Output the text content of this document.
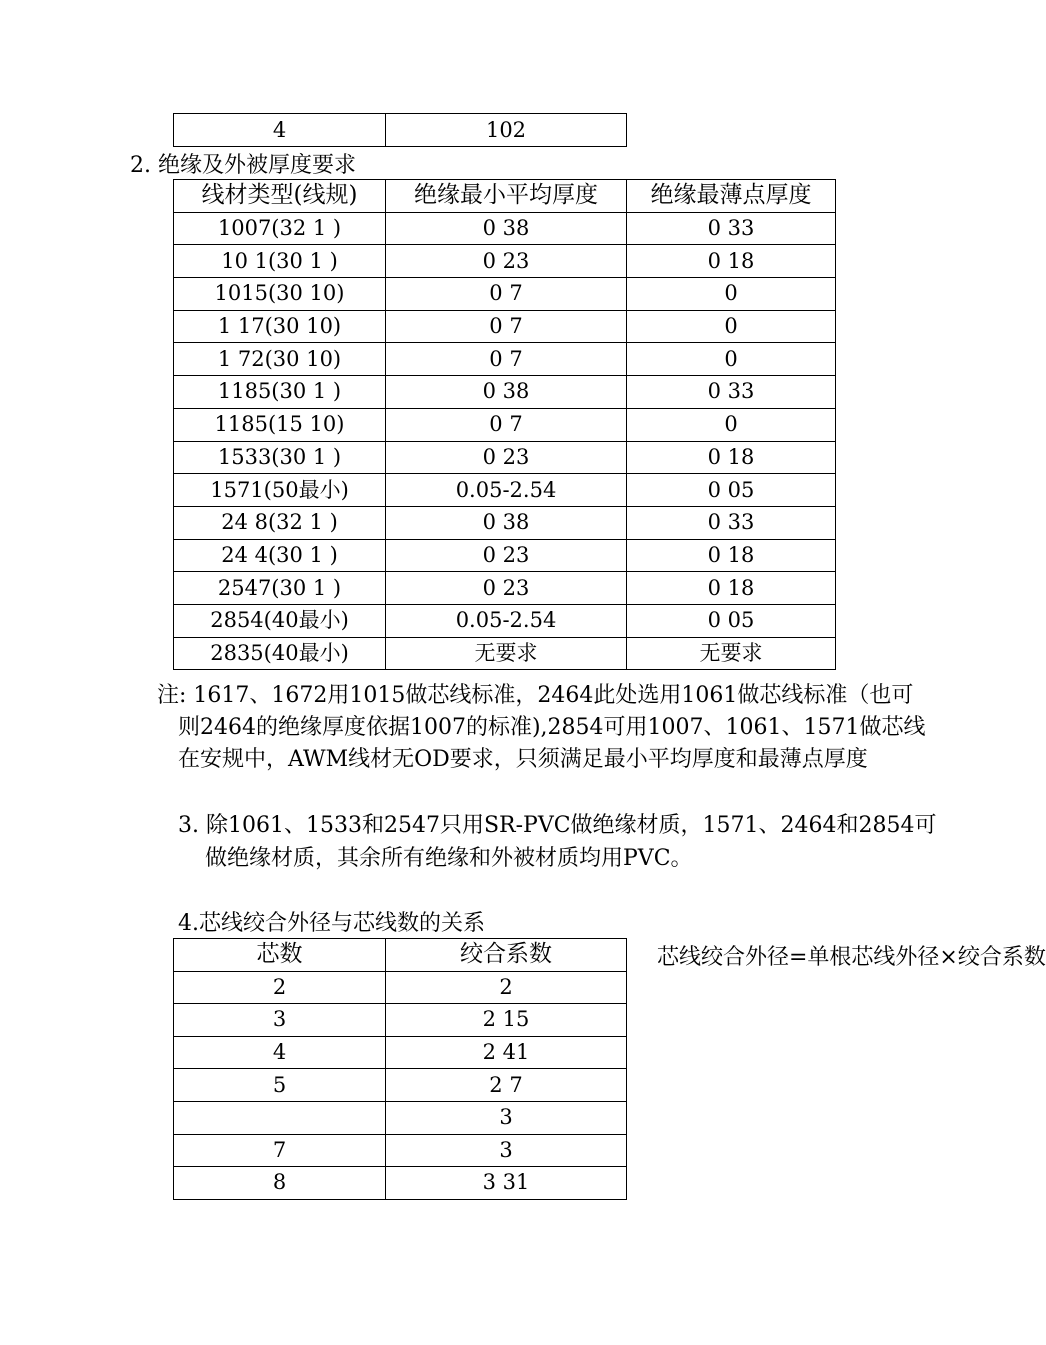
4	102
2. 绝缘及外被厚度要求
线材类型(线规)	绝缘最小平均厚度	绝缘最薄点厚度
1007(32 1 )	0 38	0 33
10 1(30 1 )	0 23	0 18
1015(30 10)	0 7	0
1 17(30 10)	0 7	0
1 72(30 10)	0 7	0
1185(30 1 )	0 38	0 33
1185(15 10)	0 7	0
1533(30 1 )	0 23	0 18
1571(50最小)	0.05-2.54	0 05
24 8(32 1 )	0 38	0 33
24 4(30 1 )	0 23	0 18
2547(30 1 )	0 23	0 18
2854(40最小)	0.05-2.54	0 05
2835(40最小)	无要求	无要求
注: 1617、1672用1015做芯线标准，2464此处选用1061做芯线标准（也可
则2464的绝缘厚度依据1007的标准),2854可用1007、1061、1571做芯线
在安规中，AWM线材无OD要求，只须满足最小平均厚度和最薄点厚度
3. 除1061、1533和2547只用SR-PVC做绝缘材质，1571、2464和2854可
做绝缘材质，其余所有绝缘和外被材质均用PVC。
4.芯线绞合外径与芯线数的关系
芯数	绞合系数
2	2
3	2 15
4	2 41
5	2 7
	3
7	3
8	3 31
芯线绞合外径=单根芯线外径×绞合系数
